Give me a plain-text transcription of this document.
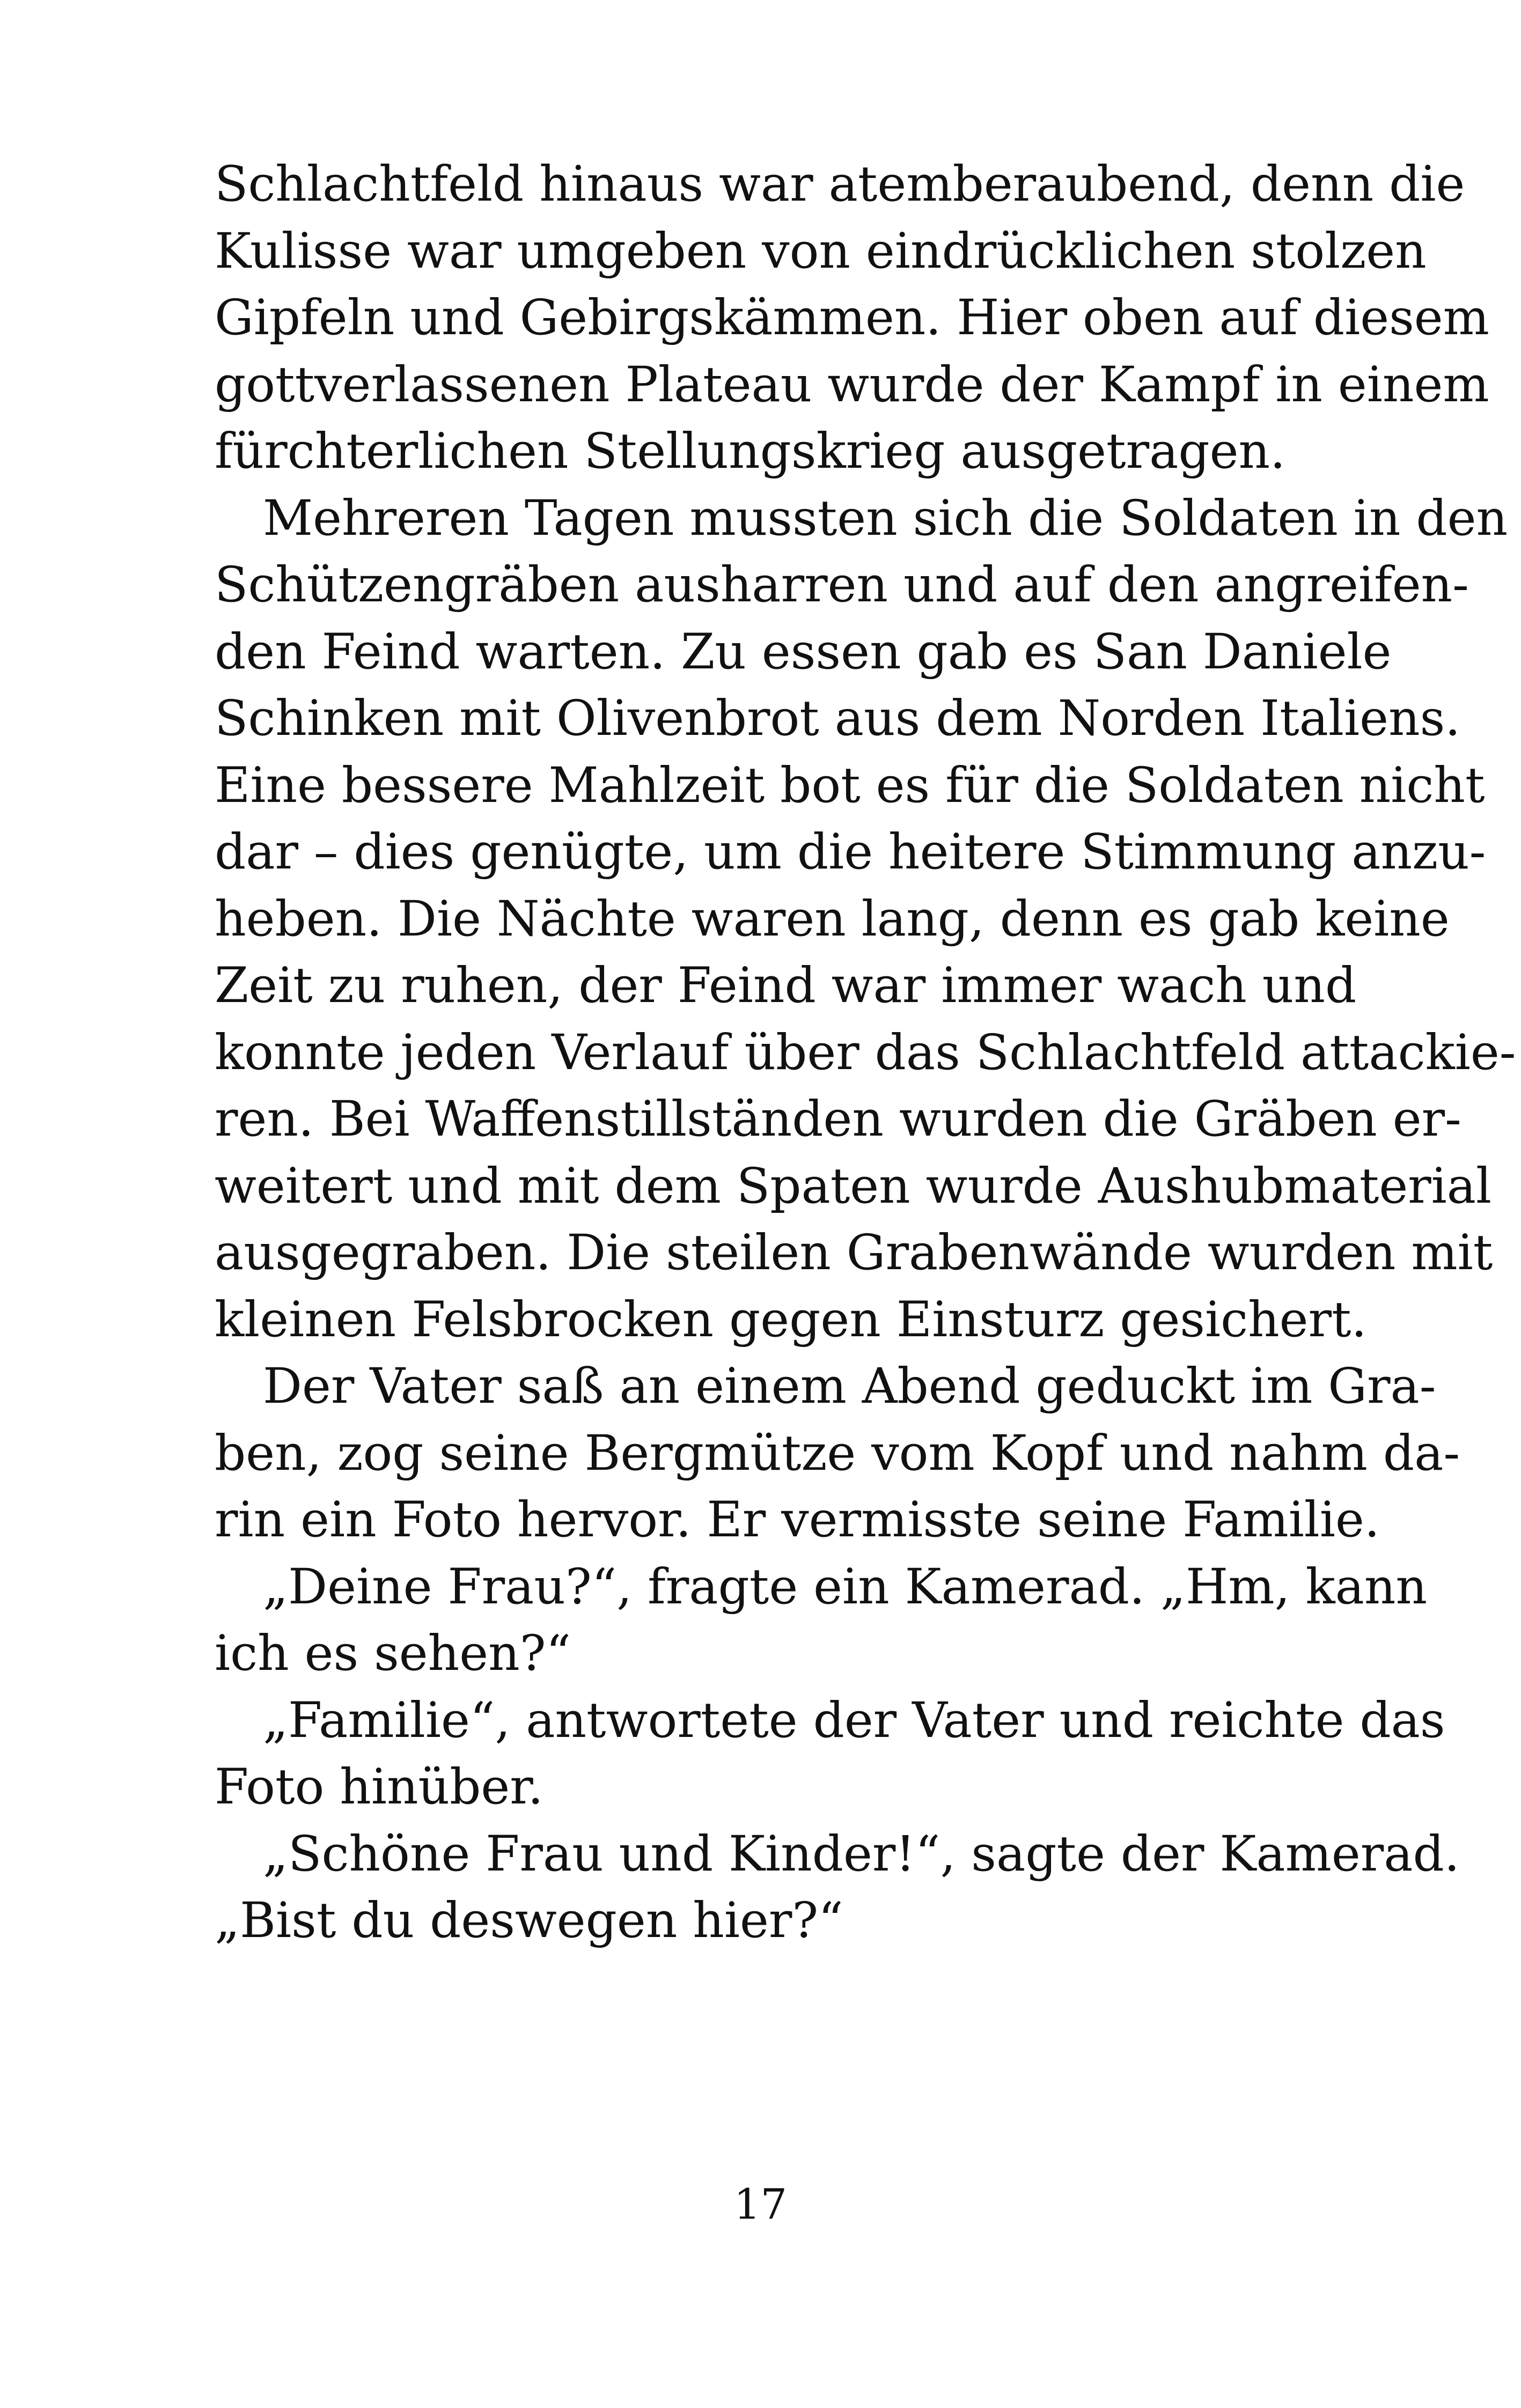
Schlachtfeld hinaus war atemberaubend, denn die
Kulisse war umgeben von eindrücklichen stolzen
Gipfeln und Gebirgskämmen. Hier oben auf diesem
gottverlassenen Plateau wurde der Kampf in einem
fürchterlichen Stellungskrieg ausgetragen.
Mehreren Tagen mussten sich die Soldaten in den
Schützengräben ausharren und auf den angreifen-
den Feind warten. Zu essen gab es San Daniele
Schinken mit Olivenbrot aus dem Norden Italiens.
Eine bessere Mahlzeit bot es für die Soldaten nicht
dar – dies genügte, um die heitere Stimmung anzu-
heben. Die Nächte waren lang, denn es gab keine
Zeit zu ruhen, der Feind war immer wach und
konnte jeden Verlauf über das Schlachtfeld attackie-
ren. Bei Waffenstillständen wurden die Gräben er-
weitert und mit dem Spaten wurde Aushubmaterial
ausgegraben. Die steilen Grabenwände wurden mit
kleinen Felsbrocken gegen Einsturz gesichert.
Der Vater saß an einem Abend geduckt im Gra-
ben, zog seine Bergmütze vom Kopf und nahm da-
rin ein Foto hervor. Er vermisste seine Familie.
„Deine Frau?“, fragte ein Kamerad. „Hm, kann
ich es sehen?“
„Familie“, antwortete der Vater und reichte das
Foto hinüber.
„Schöne Frau und Kinder!“, sagte der Kamerad.
„Bist du deswegen hier?“
17
